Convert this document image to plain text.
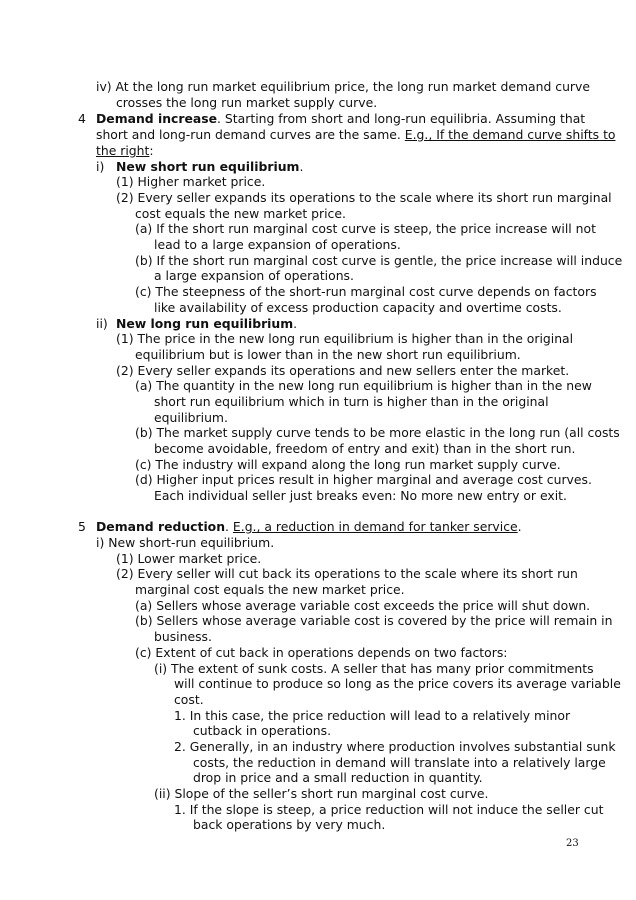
iv) At the long run market equilibrium price, the long run market demand curve
crosses the long run market supply curve.
4 Demand increase. Starting from short and long-run equilibria. Assuming that
short and long-run demand curves are the same. E.g., If the demand curve shifts to
the right:
i) New short run equilibrium.
(1) Higher market price.
(2) Every seller expands its operations to the scale where its short run marginal
cost equals the new market price.
(a) If the short run marginal cost curve is steep, the price increase will not
lead to a large expansion of operations.
(b) If the short run marginal cost curve is gentle, the price increase will induce
a large expansion of operations.
(c) The steepness of the short-run marginal cost curve depends on factors
like availability of excess production capacity and overtime costs.
ii) New long run equilibrium.
(1) The price in the new long run equilibrium is higher than in the original
equilibrium but is lower than in the new short run equilibrium.
(2) Every seller expands its operations and new sellers enter the market.
(a) The quantity in the new long run equilibrium is higher than in the new
short run equilibrium which in turn is higher than in the original
equilibrium.
(b) The market supply curve tends to be more elastic in the long run (all costs
become avoidable, freedom of entry and exit) than in the short run.
(c) The industry will expand along the long run market supply curve.
(d) Higher input prices result in higher marginal and average cost curves.
Each individual seller just breaks even: No more new entry or exit.
5 Demand reduction. E.g., a reduction in demand for tanker service.
i) New short-run equilibrium.
(1) Lower market price.
(2) Every seller will cut back its operations to the scale where its short run
marginal cost equals the new market price.
(a) Sellers whose average variable cost exceeds the price will shut down.
(b) Sellers whose average variable cost is covered by the price will remain in
business.
(c) Extent of cut back in operations depends on two factors:
(i) The extent of sunk costs. A seller that has many prior commitments
will continue to produce so long as the price covers its average variable
cost.
1. In this case, the price reduction will lead to a relatively minor
cutback in operations.
2. Generally, in an industry where production involves substantial sunk
costs, the reduction in demand will translate into a relatively large
drop in price and a small reduction in quantity.
(ii) Slope of the seller’s short run marginal cost curve.
1. If the slope is steep, a price reduction will not induce the seller cut
back operations by very much.
23
